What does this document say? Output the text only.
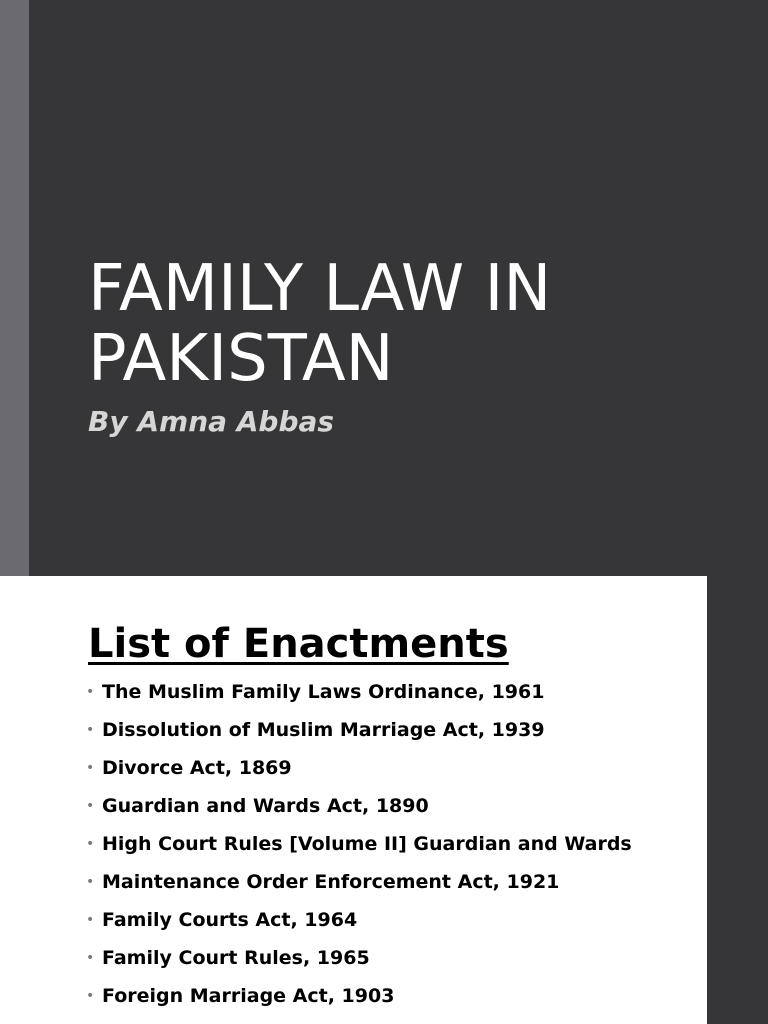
FAMILY LAW IN PAKISTAN

By Amna Abbas

List of Enactments
• The Muslim Family Laws Ordinance, 1961
• Dissolution of Muslim Marriage Act, 1939
• Divorce Act, 1869
• Guardian and Wards Act, 1890
• High Court Rules [Volume II] Guardian and Wards
• Maintenance Order Enforcement Act, 1921
• Family Courts Act, 1964
• Family Court Rules, 1965
• Foreign Marriage Act, 1903
